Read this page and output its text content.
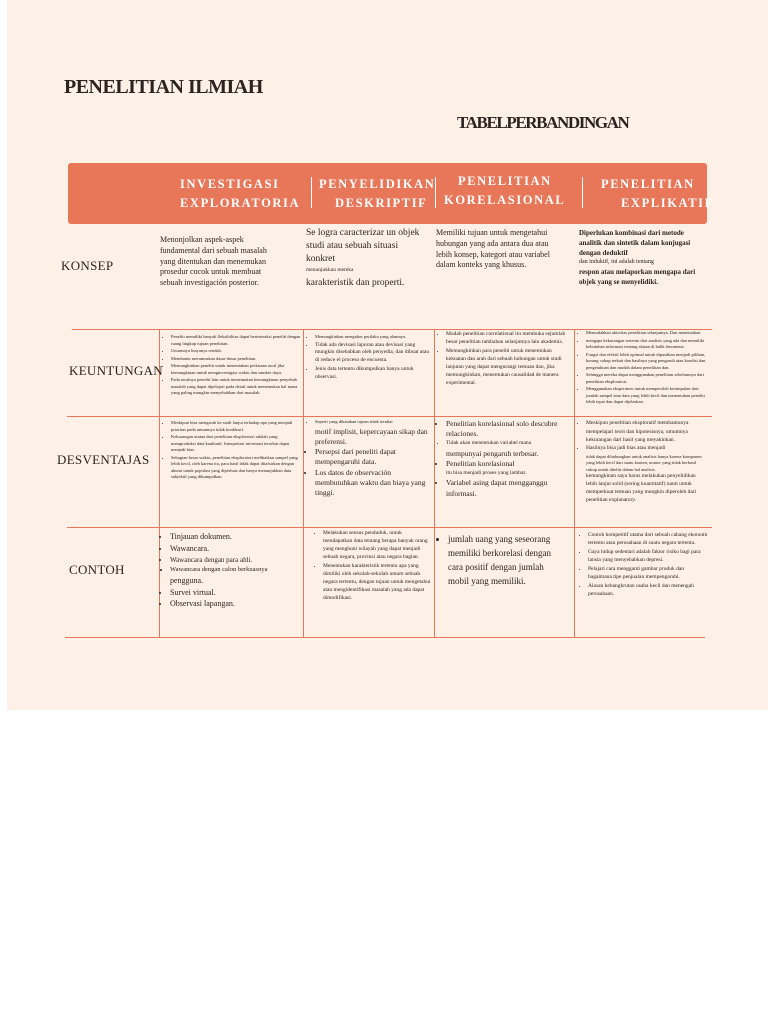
PENELITIAN ILMIAH
TABELPERBANDINGAN
INVESTIGASI
EXPLORATORIA
PENYELIDIKAN
DESKRIPTIF
PENELITIAN
KORELASIONAL
PENELITIAN
EXPLIKATIF
KONSEP
KEUNTUNGAN
DESVENTAJAS
CONTOH

Menonjolkan aspek-aspek fundamental dari sebuah masalah yang ditentukan dan menemukan prosedur cocok untuk membuat sebuah investigación posterior.

Se logra caracterizar un objek studi atau sebuah situasi konkret

menunjukkan mereka

karakteristik dan properti.

Memiliki tujuan untuk mengetahui hubungan yang ada antara dua atau lebih konsep, kategori atau variabel dalam konteks yang khusus.

Diperlukan kombinasi dari metode analitik dan sintetik dalam konjugasi dengan deduktif

dan induktif, ini adalah tentang

respon atau melaporkan mengapa dari objek yang se menyelidiki.

• Peneliti memiliki banyak fleksibilitas dapat berinteraksi peneliti dengan ruang lingkup tujuan penelitian.
• Umumnya biayanya rendah.
• Membantu merumuskan dasar-dasar penelitian.
• Memungkinkan peneliti untuk menentukan perkiraan awal jika kemungkinan untuk menginvestigasi waktu dan sumber daya.
• Pada awalnya peneliti lain untuk menemukan kemungkinan penyebab masalah yang dapat dipelajari pada detail untuk menemukan hal mana yang paling mungkin menyebabkan dari masalah.
• Memungkinkan mengukur perilaku yang alamnya.
• Tidak ada devisasi laporan atau devisasi yang mungkin disebabkan oleh penyedia, dan dibuat atau di reduce el proceso de encuesta.
• Jenis data tertentu dikumpulkan hanya untuk observasi.
• Mudah penelitian correlational itu membuka sejumlah besar penelitian tambahan selanjutnya lain akademis.
• Memungkinkan para peneliti untuk menentukan kekuatan dan arah dari sebuah hubungan untuk studi lanjutan yang dapat mengurangi temuan dan, jika memungkinkan, menentukan causalidad de manera experimental.
• Memudahkan aktivitas penelitian selanjutnya. Dan menentukan
• mengapa kekurangan tertentu dari analisis yang ada dan memiliki kebutuhan informasi tentang alasan di balik fenomena.
• Fungsi dan efektif lebih optimal untuk dipastikan menjadi pilihan, kurang cukup terkait dan hasilnya yang pengaruh atau kondisi dan pengetahuan dan mudah dalam penelitian dan.
• Sehingga mereka dapat menggunakan penelitian sebelumnya dari penelitian eksploratori.
• Menggunakan eksperimen untuk memperoleh kesimpulan dari jumlah sampel atau data yang lebih kecil dan menentukan peneliti lebih tepat dan dapat dijelaskan.
• Meskipun bisa mengarah ke studi lanjut terhadap apa yang menjadi prioritas pada umumnya tidak konklusif.
• Kekurangan utama dari penelitian eksploratori adalah yang memproduksi data kualitatif. Interpretasi informasi tersebut dapat menjadi bias.
• Sebagian besar waktu, penelitian eksploratori melibatkan sampel yang lebih kecil, oleh karena itu, para hasil tidak dapat ditafsirkan dengan akurat untuk populasi yang diperluas dan hanya menunjukkan data subjektif yang dikumpulkan.
• Seperti yang dikatakan tujuan tidak ternilai

motif implisit, kepercayaan sikap dan preferensi.

• Persepsi dari peneliti dapat mempengaruhi data.
• Los datos de observación membutuhkan waktu dan biaya yang tinggi.
• Penelitian korelasional solo descubre relaciones.
• Tidak akan menentukan variabel mana

mempunyai pengaruh terbesar.

• Penelitian korelasional

itu bisa menjadi proses yang lambat.

• Variabel asing dapat mengganggu informasi.
• Meskipun penelitian eksploratif membantunya

mempelajari teori dan hipotesisnya, umumnya kekurangan dari hasil yang meyakinkan.

• Hasilnya bisa jadi bias atau menjadi

tidak dapat dihubungkan untuk analisis hanya karena komponen yang lebih kecil dari suatu konten, nomor yang tidak berhasil cukup untuk diteliti dalam hal analisis.

kemungkinan saya harus melakukan penyelidikan lebih lanjut solid (sering kuantitatif) nanti untuk memperkuat temuan yang mungkin diperoleh dari penelitian explanatory.

• Tinjauan dokumen.
• Wawancara.
• Wawancara dengan para ahli.
• Wawancara dengan calon berkuasnya

pengguna.

• Survei virtual.
• Observasi lapangan.
• Melakukan sensus penduduk, untuk mendapatkan data tentang berapa banyak orang yang menghuni wilayah yang dapat menjadi sebuah negara, provinsi atau negara bagian.
• Menentukan karakteristik tertentu apa yang dimiliki oleh sekolah-sekolah umum sebuah negara tertentu, dengan tujuan untuk mengetahui atau mengidentifikasi masalah yang ada dapat dimodifikasi.
• jumlah uang yang seseorang memiliki berkorelasi dengan cara positif dengan jumlah mobil yang memiliki.
• Contoh kompetitif utama dari sebuah cabang ekonomi tertentu atau perusahaan di suatu negara tertentu.
• Gaya hidup sedentari adalah faktor risiko bagi para lansia yang menyebabkan depresi.
• Pelajari cara mengganti gambar produk dan bagaimana tipe penjualan mempengaruhi.
• Alasan kebangkrutan usaha kecil dan menengah perusahaan.
